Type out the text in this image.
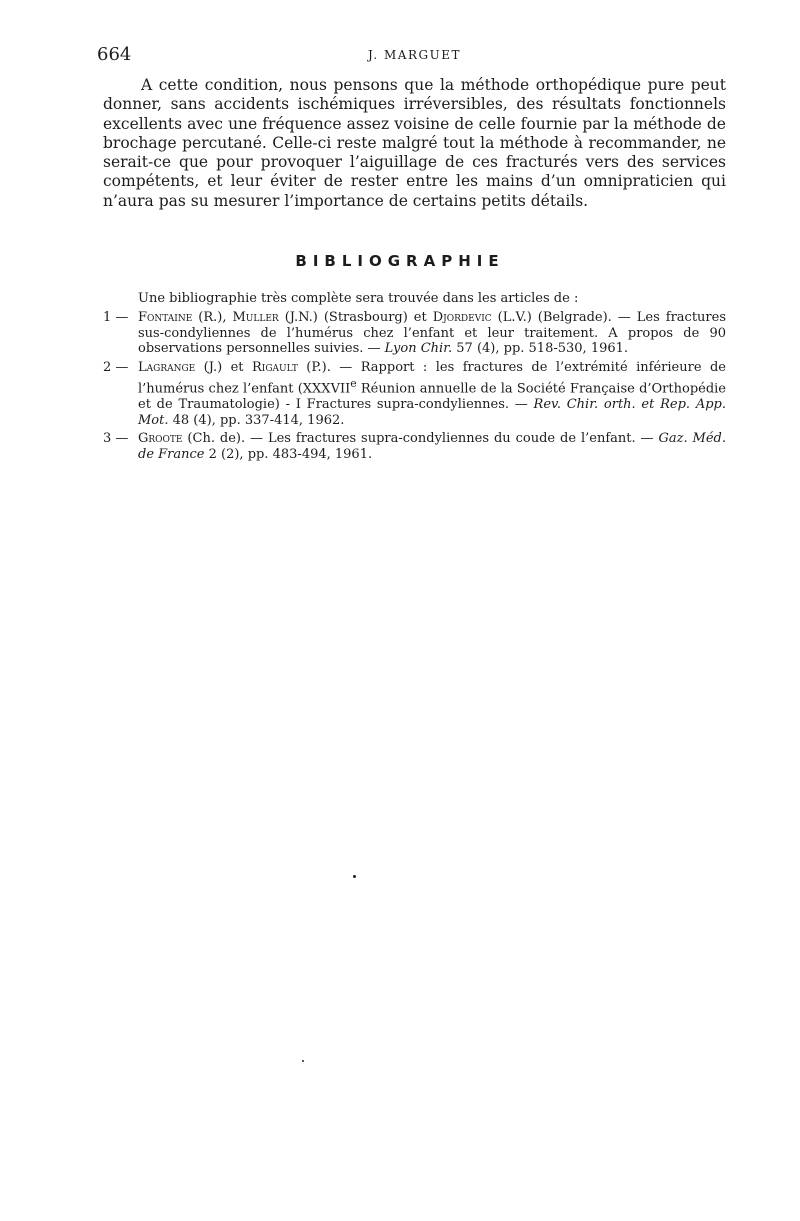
664	J. MARGUET

A cette condition, nous pensons que la méthode orthopédique pure peut donner, sans accidents ischémiques irréversibles, des résultats fonctionnels excellents avec une fréquence assez voisine de celle fournie par la méthode de brochage percutané. Celle-ci reste malgré tout la méthode à recommander, ne serait-ce que pour provoquer l’aiguillage de ces fracturés vers des services compétents, et leur éviter de rester entre les mains d’un omnipraticien qui n’aura pas su mesurer l’importance de certains petits détails.

BIBLIOGRAPHIE

Une bibliographie très complète sera trouvée dans les articles de :

1 — Fontaine (R.), Muller (J.N.) (Strasbourg) et Djordevic (L.V.) (Belgrade). — Les fractures sus-condyliennes de l’humérus chez l’enfant et leur traitement. A propos de 90 observations personnelles suivies. — Lyon Chir. 57 (4), pp. 518-530, 1961.
2 — Lagrange (J.) et Rigault (P.). — Rapport : les fractures de l’extrémité inférieure de l’humérus chez l’enfant (XXXVIIe Réunion annuelle de la Société Française d’Orthopédie et de Traumatologie) - I Fractures supra-condyliennes. — Rev. Chir. orth. et Rep. App. Mot. 48 (4), pp. 337-414, 1962.
3 — Groote (Ch. de). — Les fractures supra-condyliennes du coude de l’enfant. — Gaz. Méd. de France 2 (2), pp. 483-494, 1961.
